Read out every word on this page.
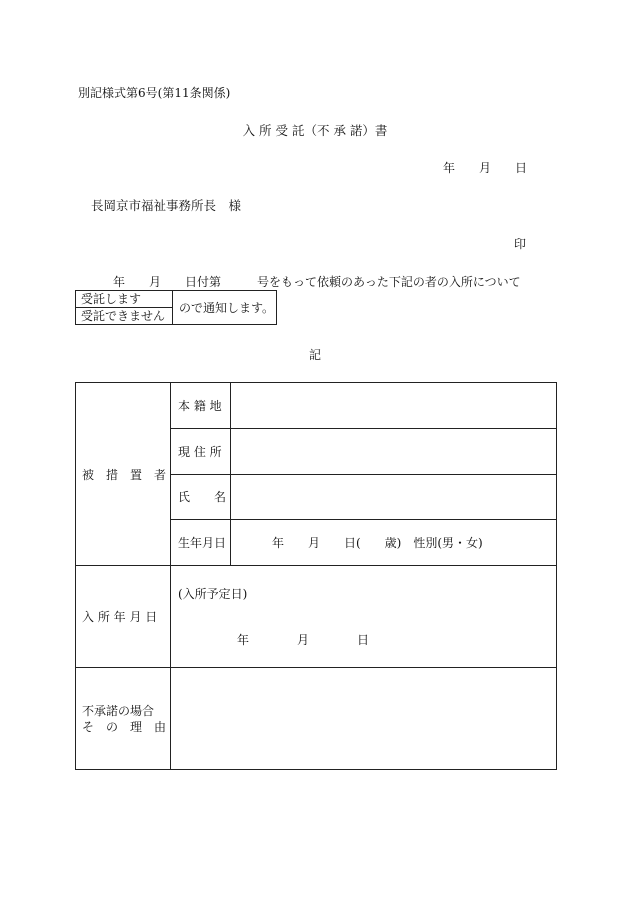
別記様式第6号(第11条関係)
入 所 受 託（不 承 諾）書
年　　月　　日
長岡京市福祉事務所長　様
印
年　　月　　日付第　　　号をもって依頼のあった下記の者の入所について
受託します
受託できません
ので通知します。
記
被　措　置　者
本 籍 地
現 住 所
氏　　名
生年月日	年　　月　　日(　　歳)　性別(男・女)
入 所 年 月 日
(入所予定日)
年　　　　月　　　　日
不承諾の場合
そ　の　理　由
